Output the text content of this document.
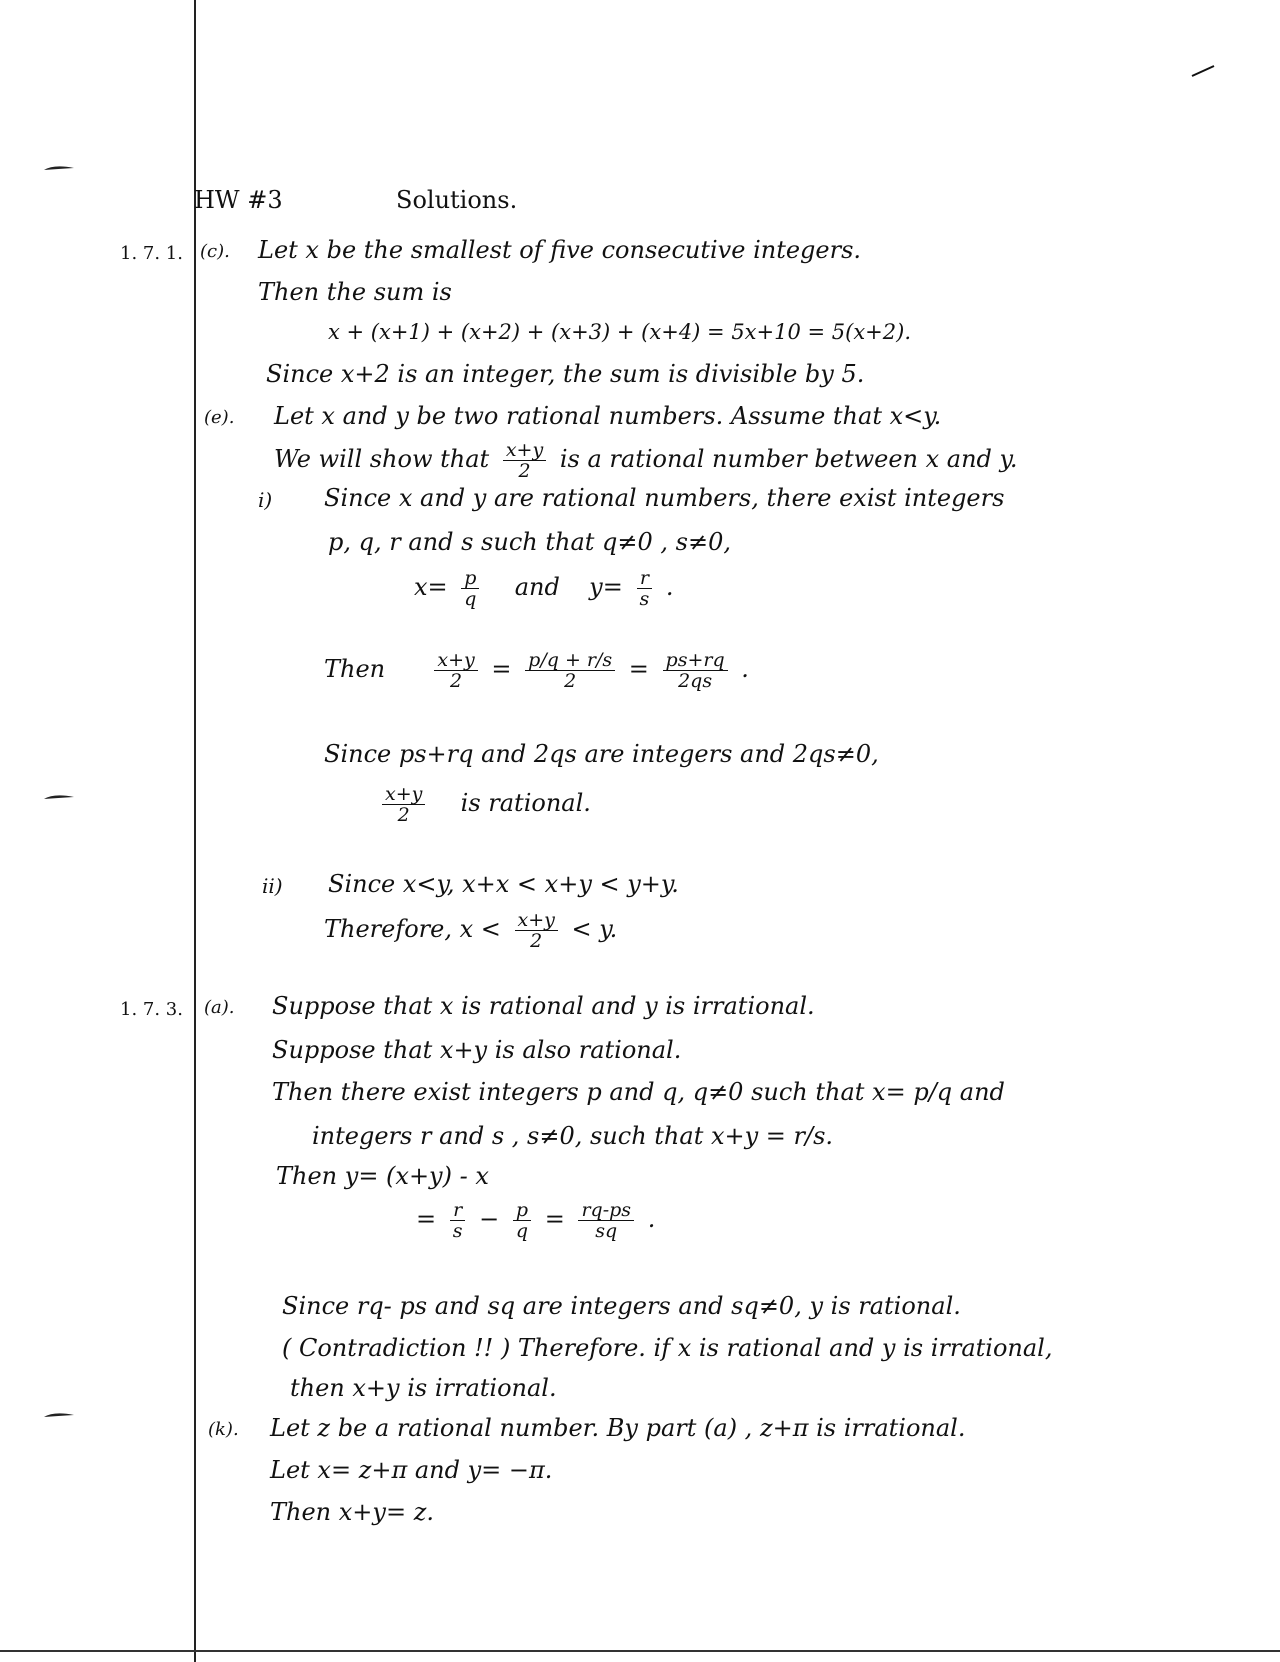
HW #3	Solutions.
1. 7. 1. (c). Let x be the smallest of five consecutive integers.
Then the sum is
x + (x+1) + (x+2) + (x+3) + (x+4) = 5x+10 = 5(x+2).
Since x+2 is an integer, the sum is divisible by 5.
(e). Let x and y be two rational numbers. Assume that x<y.
We will show that $\frac{x+y}{2}$ is a rational number between x and y.
i) Since x and y are rational numbers, there exist integers
p, q, r and s such that q≠0 , s≠0,
$x= \frac{p}{q}$ and $y= \frac{r}{s}$ .
Then	$\frac{x+y}{2} = \frac{p/q + r/s}{2} = \frac{ps+rq}{2qs}$ .
Since ps+rq and 2qs are integers and 2qs≠0,
$\frac{x+y}{2}$ is rational.
ii) Since x<y, x+x < x+y < y+y.
Therefore, $x < \frac{x+y}{2} < y$.
1. 7. 3. (a). Suppose that x is rational and y is irrational.
Suppose that x+y is also rational.
Then there exist integers p and q, q≠0 such that x= p/q and
integers r and s , s≠0, such that x+y = r/s.
Then y= (x+y) - x
= $\frac{r}{s} - \frac{p}{q} = \frac{rq-ps}{sq}$ .
Since rq- ps and sq are integers and sq≠0, y is rational.
( Contradiction !! ) Therefore. if x is rational and y is irrational,
then x+y is irrational.
(k). Let z be a rational number. By part (a) , z+π is irrational.
Let x= z+π and y= −π.
Then x+y= z.
